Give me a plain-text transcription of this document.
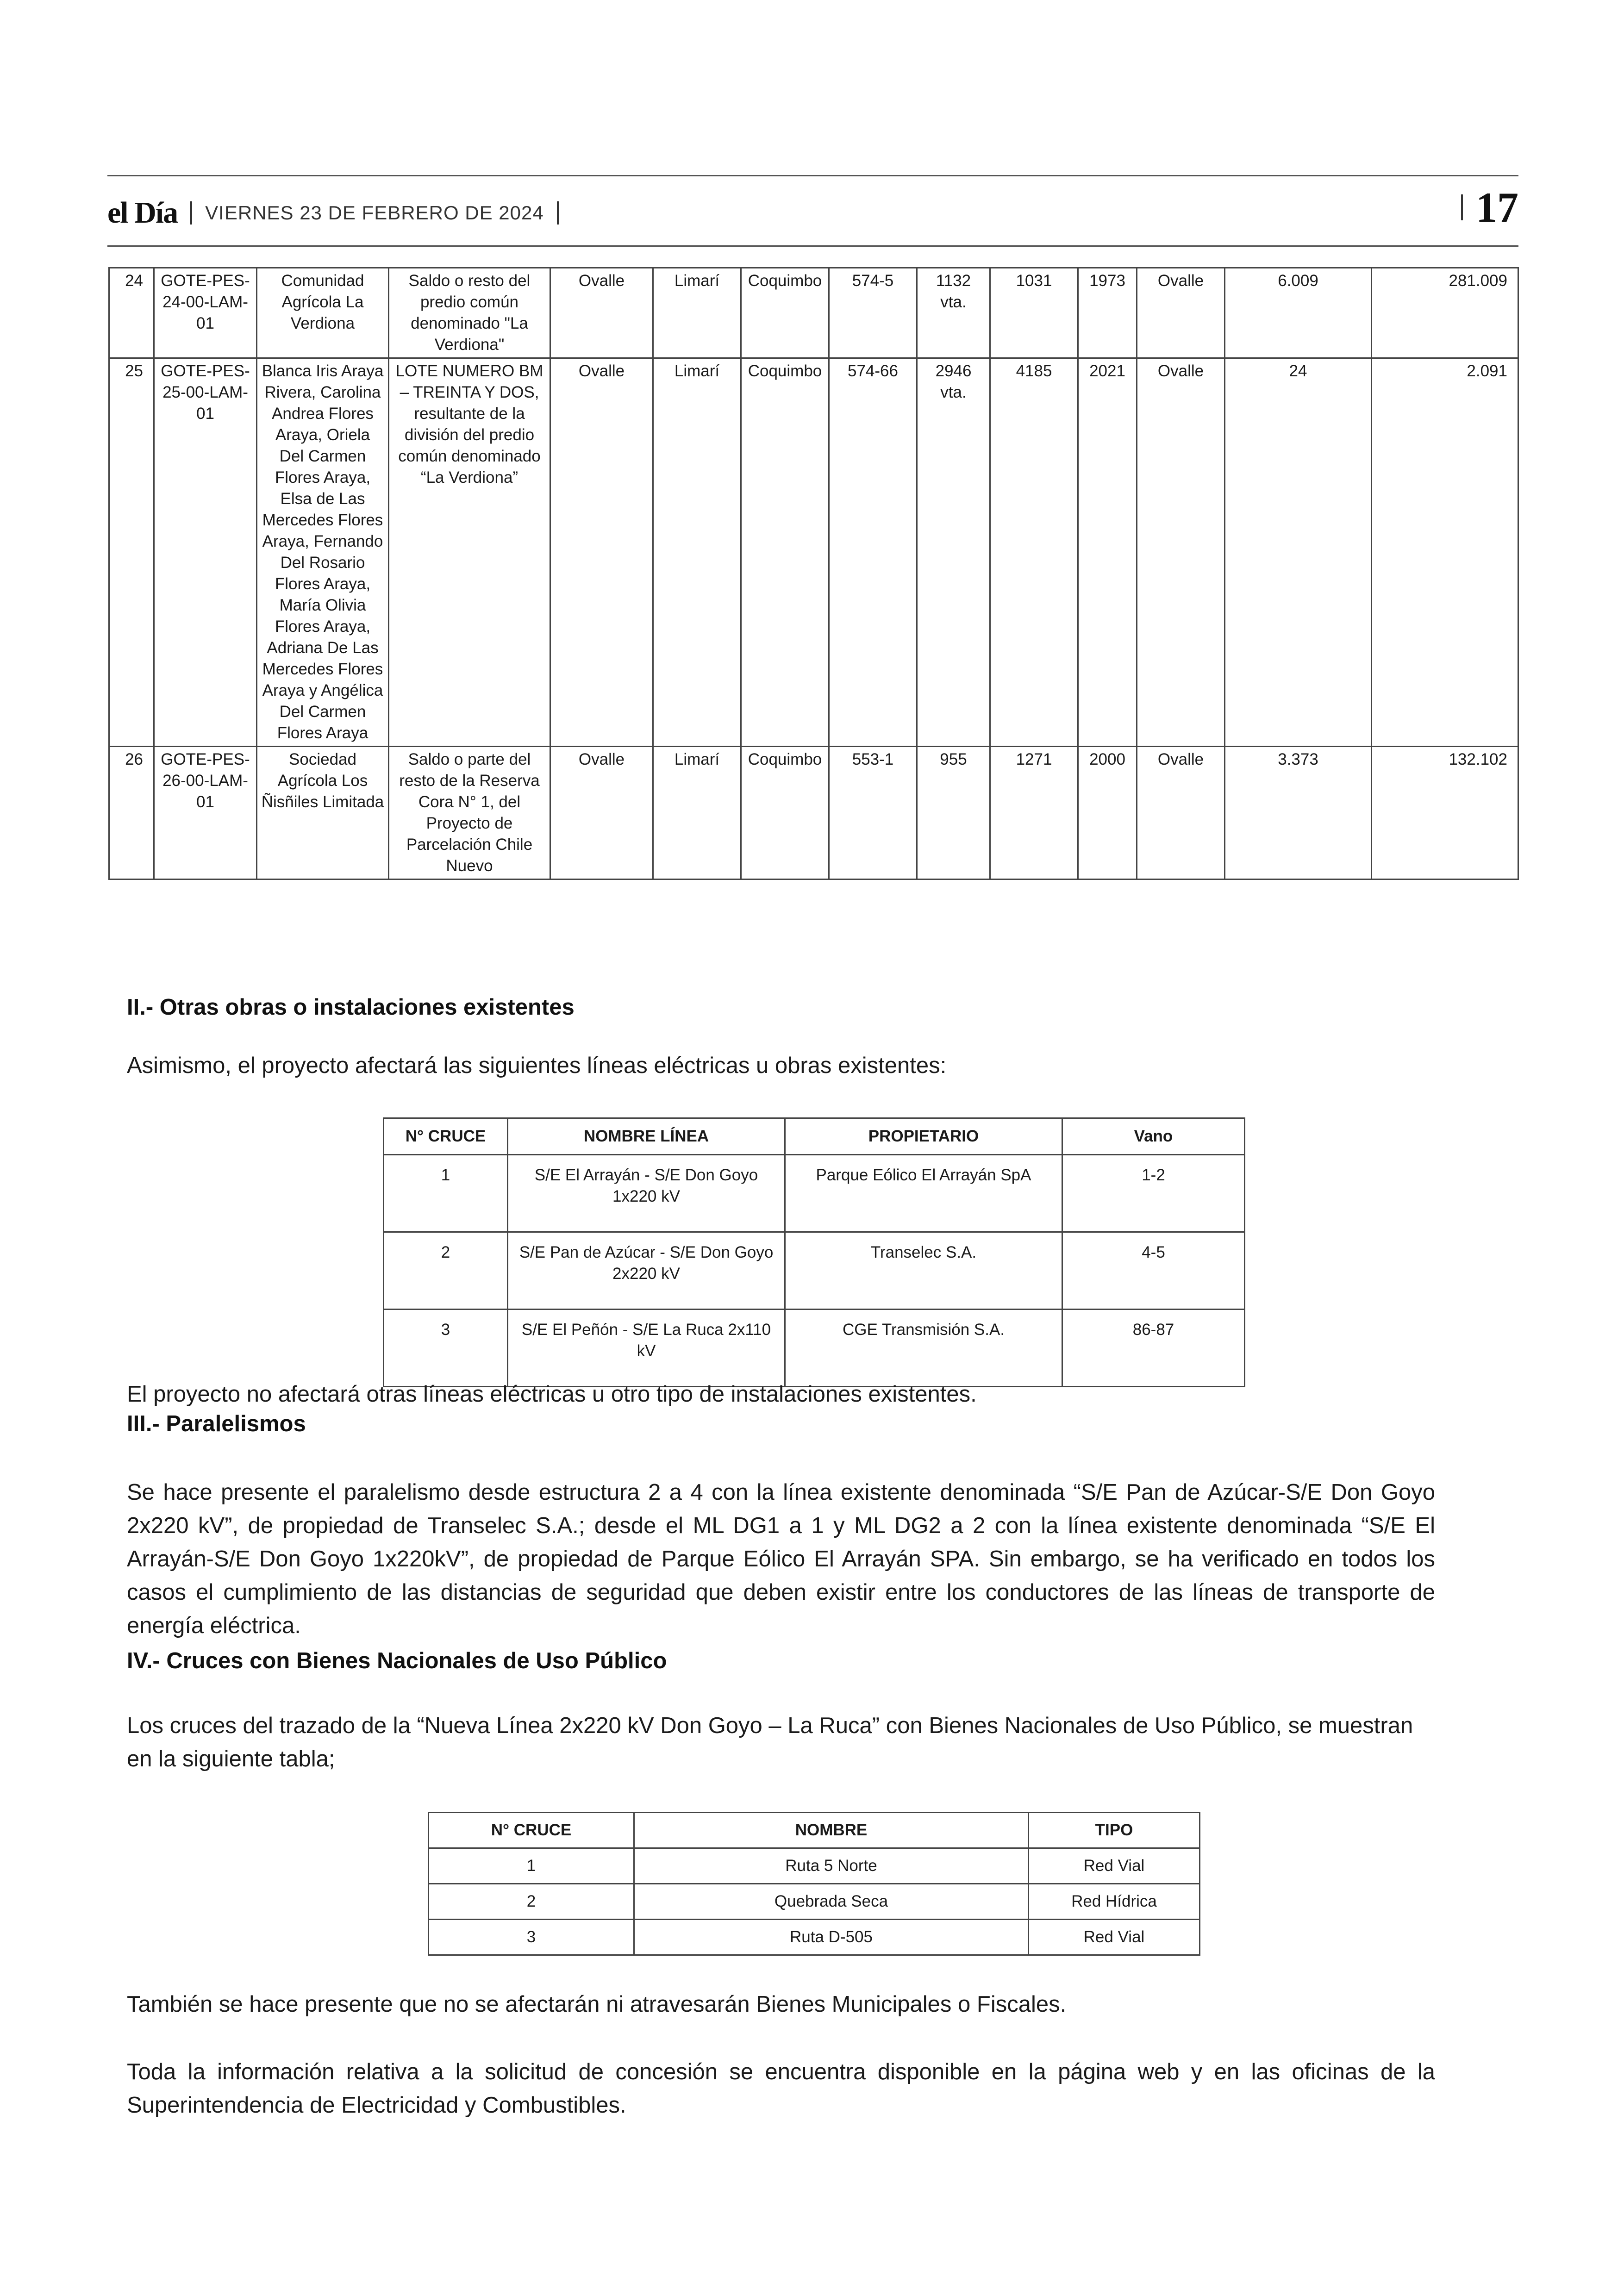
el Día VIERNES 23 DE FEBRERO DE 2024	17
24	GOTE-PES-24-00-LAM-01	Comunidad Agrícola La Verdiona	Saldo o resto del predio común denominado "La Verdiona"	Ovalle	Limarí	Coquimbo	574-5	1132 vta.	1031	1973	Ovalle	6.009	281.009
25	GOTE-PES-25-00-LAM-01	Blanca Iris Araya Rivera, Carolina Andrea Flores Araya, Oriela Del Carmen Flores Araya, Elsa de Las Mercedes Flores Araya, Fernando Del Rosario Flores Araya, María Olivia Flores Araya, Adriana De Las Mercedes Flores Araya y Angélica Del Carmen Flores Araya	LOTE NUMERO BM – TREINTA Y DOS, resultante de la división del predio común denominado “La Verdiona”	Ovalle	Limarí	Coquimbo	574-66	2946 vta.	4185	2021	Ovalle	24	2.091
26	GOTE-PES-26-00-LAM-01	Sociedad Agrícola Los Ñisñiles Limitada	Saldo o parte del resto de la Reserva Cora N° 1, del Proyecto de Parcelación Chile Nuevo	Ovalle	Limarí	Coquimbo	553-1	955	1271	2000	Ovalle	3.373	132.102
II.- Otras obras o instalaciones existentes
Asimismo, el proyecto afectará las siguientes líneas eléctricas u obras existentes:
N° CRUCE	NOMBRE LÍNEA	PROPIETARIO	Vano
1	S/E El Arrayán - S/E Don Goyo 1x220 kV	Parque Eólico El Arrayán SpA	1-2
2	S/E Pan de Azúcar - S/E Don Goyo 2x220 kV	Transelec S.A.	4-5
3	S/E El Peñón - S/E La Ruca 2x110 kV	CGE Transmisión S.A.	86-87
El proyecto no afectará otras líneas eléctricas u otro tipo de instalaciones existentes.
III.- Paralelismos
Se hace presente el paralelismo desde estructura 2 a 4 con la línea existente denominada “S/E Pan de Azúcar-S/E Don Goyo 2x220 kV”, de propiedad de Transelec S.A.; desde el ML DG1 a 1 y ML DG2 a 2 con la línea existente denominada “S/E El Arrayán-S/E Don Goyo 1x220kV”, de propiedad de Parque Eólico El Arrayán SPA. Sin embargo, se ha verificado en todos los casos el cumplimiento de las distancias de seguridad que deben existir entre los conductores de las líneas de transporte de energía eléctrica.
IV.- Cruces con Bienes Nacionales de Uso Público
Los cruces del trazado de la “Nueva Línea 2x220 kV Don Goyo – La Ruca” con Bienes Nacionales de Uso Público, se muestran en la siguiente tabla;
N° CRUCE	NOMBRE	TIPO
1	Ruta 5 Norte	Red Vial
2	Quebrada Seca	Red Hídrica
3	Ruta D-505	Red Vial
También se hace presente que no se afectarán ni atravesarán Bienes Municipales o Fiscales.
Toda la información relativa a la solicitud de concesión se encuentra disponible en la página web y en las oficinas de la Superintendencia de Electricidad y Combustibles.
